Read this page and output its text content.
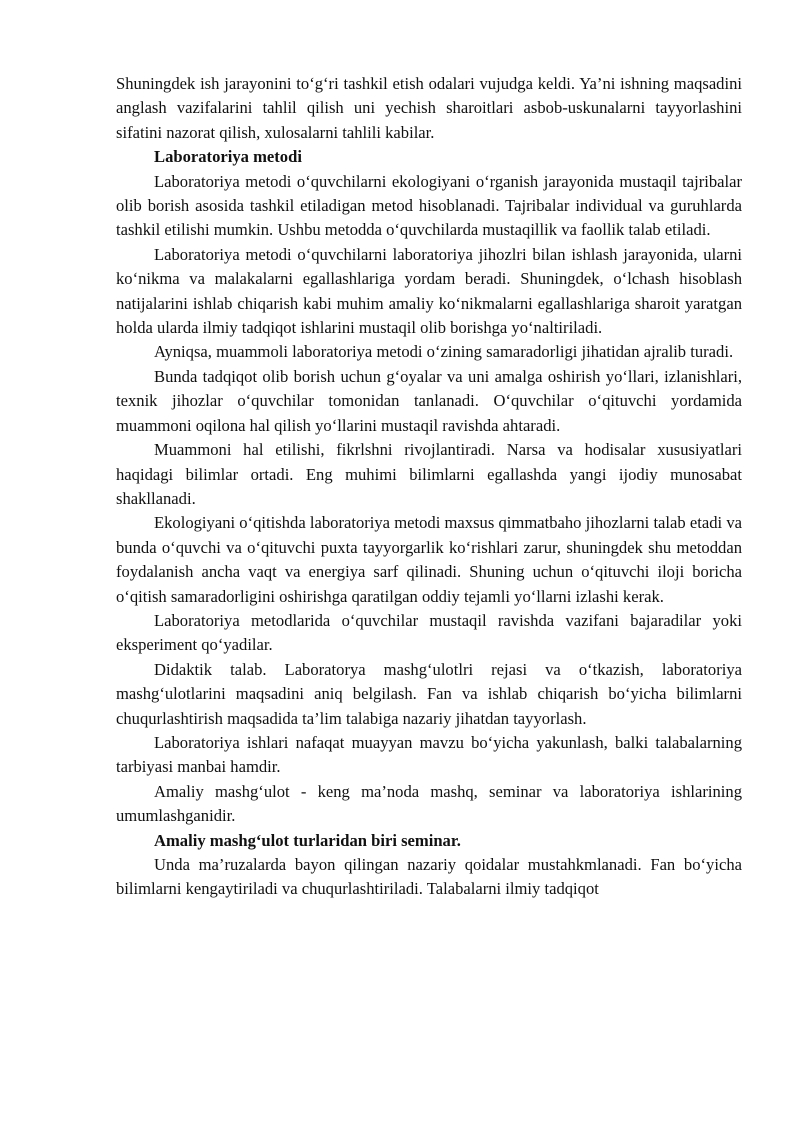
Shuningdek ish jarayonini to‘g‘ri tashkil etish odalari vujudga keldi. Ya’ni ishning maqsadini anglash vazifalarini tahlil qilish uni yechish sharoitlari asbob-uskunalarni tayyorlashini sifatini nazorat qilish, xulosalarni tahlili kabilar.

Laboratoriya metodi

Laboratoriya metodi o‘quvchilarni ekologiyani o‘rganish jarayonida mustaqil tajribalar olib borish asosida tashkil etiladigan metod hisoblanadi. Tajribalar individual va guruhlarda tashkil etilishi mumkin. Ushbu metodda o‘quvchilarda mustaqillik va faollik talab etiladi.

Laboratoriya metodi o‘quvchilarni laboratoriya jihozlri bilan ishlash jarayonida, ularni ko‘nikma va malakalarni egallashlariga yordam beradi. Shuningdek, o‘lchash hisoblash natijalarini ishlab chiqarish kabi muhim amaliy ko‘nikmalarni egallashlariga sharoit yaratgan holda ularda ilmiy tadqiqot ishlarini mustaqil olib borishga yo‘naltiriladi.

Ayniqsa, muammoli laboratoriya metodi o‘zining samaradorligi jihatidan ajralib turadi.

Bunda tadqiqot olib borish uchun g‘oyalar va uni amalga oshirish yo‘llari, izlanishlari, texnik jihozlar o‘quvchilar tomonidan tanlanadi. O‘quvchilar o‘qituvchi yordamida muammoni oqilona hal qilish yo‘llarini mustaqil ravishda ahtaradi.

Muammoni hal etilishi, fikrlshni rivojlantiradi. Narsa va hodisalar xususiyatlari haqidagi bilimlar ortadi. Eng muhimi bilimlarni egallashda yangi ijodiy munosabat shakllanadi.

Ekologiyani o‘qitishda laboratoriya metodi maxsus qimmatbaho jihozlarni talab etadi va bunda o‘quvchi va o‘qituvchi puxta tayyorgarlik ko‘rishlari zarur, shuningdek shu metoddan foydalanish ancha vaqt va energiya sarf qilinadi. Shuning uchun o‘qituvchi iloji boricha o‘qitish samaradorligini oshirishga qaratilgan oddiy tejamli yo‘llarni izlashi kerak.

Laboratoriya metodlarida o‘quvchilar mustaqil ravishda vazifani bajaradilar yoki eksperiment qo‘yadilar.

Didaktik talab. Laboratorya mashg‘ulotlri rejasi va o‘tkazish, laboratoriya mashg‘ulotlarini maqsadini aniq belgilash. Fan va ishlab chiqarish bo‘yicha bilimlarni chuqurlashtirish maqsadida ta’lim talabiga nazariy jihatdan tayyorlash.

Laboratoriya ishlari nafaqat muayyan mavzu bo‘yicha yakunlash, balki talabalarning tarbiyasi manbai hamdir.

Amaliy mashg‘ulot - keng ma’noda mashq, seminar va laboratoriya ishlarining umumlashganidir.

Amaliy mashg‘ulot turlaridan biri seminar.

Unda ma’ruzalarda bayon qilingan nazariy qoidalar mustahkmlanadi. Fan bo‘yicha bilimlarni kengaytiriladi va chuqurlashtiriladi. Talabalarni ilmiy tadqiqot
